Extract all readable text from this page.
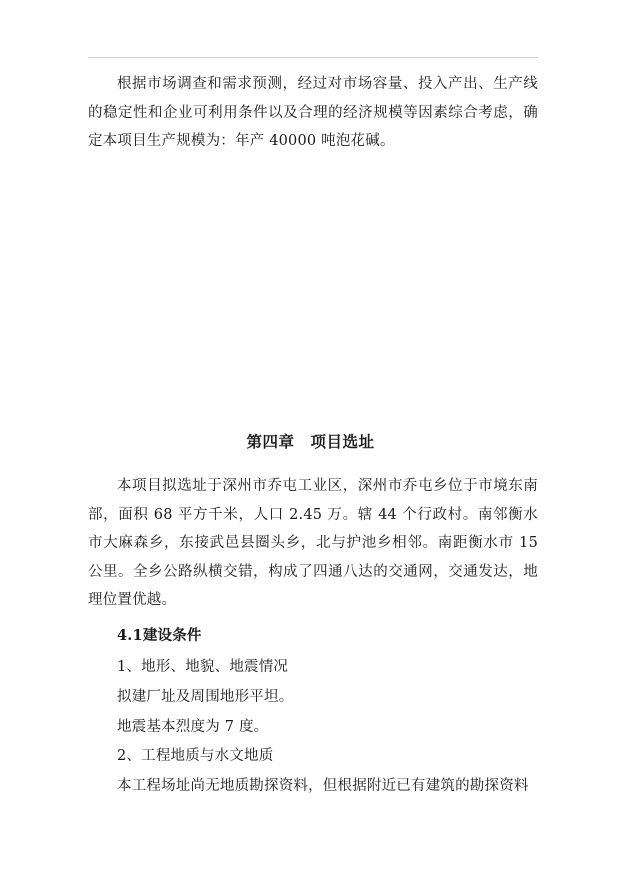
根据市场调查和需求预测，经过对市场容量、投入产出、生产线的稳定性和企业可利用条件以及合理的经济规模等因素综合考虑，确定本项目生产规模为：年产 40000 吨泡花碱。

第四章　项目选址

本项目拟选址于深州市乔屯工业区，深州市乔屯乡位于市境东南部，面积 68 平方千米，人口 2.45 万。辖 44 个行政村。南邻衡水市大麻森乡，东接武邑县圈头乡，北与护池乡相邻。南距衡水市 15 公里。全乡公路纵横交错，构成了四通八达的交通网，交通发达，地理位置优越。

4.1建设条件

1、地形、地貌、地震情况

拟建厂址及周围地形平坦。

地震基本烈度为 7 度。

2、工程地质与水文地质

本工程场址尚无地质勘探资料，但根据附近已有建筑的勘探资料
